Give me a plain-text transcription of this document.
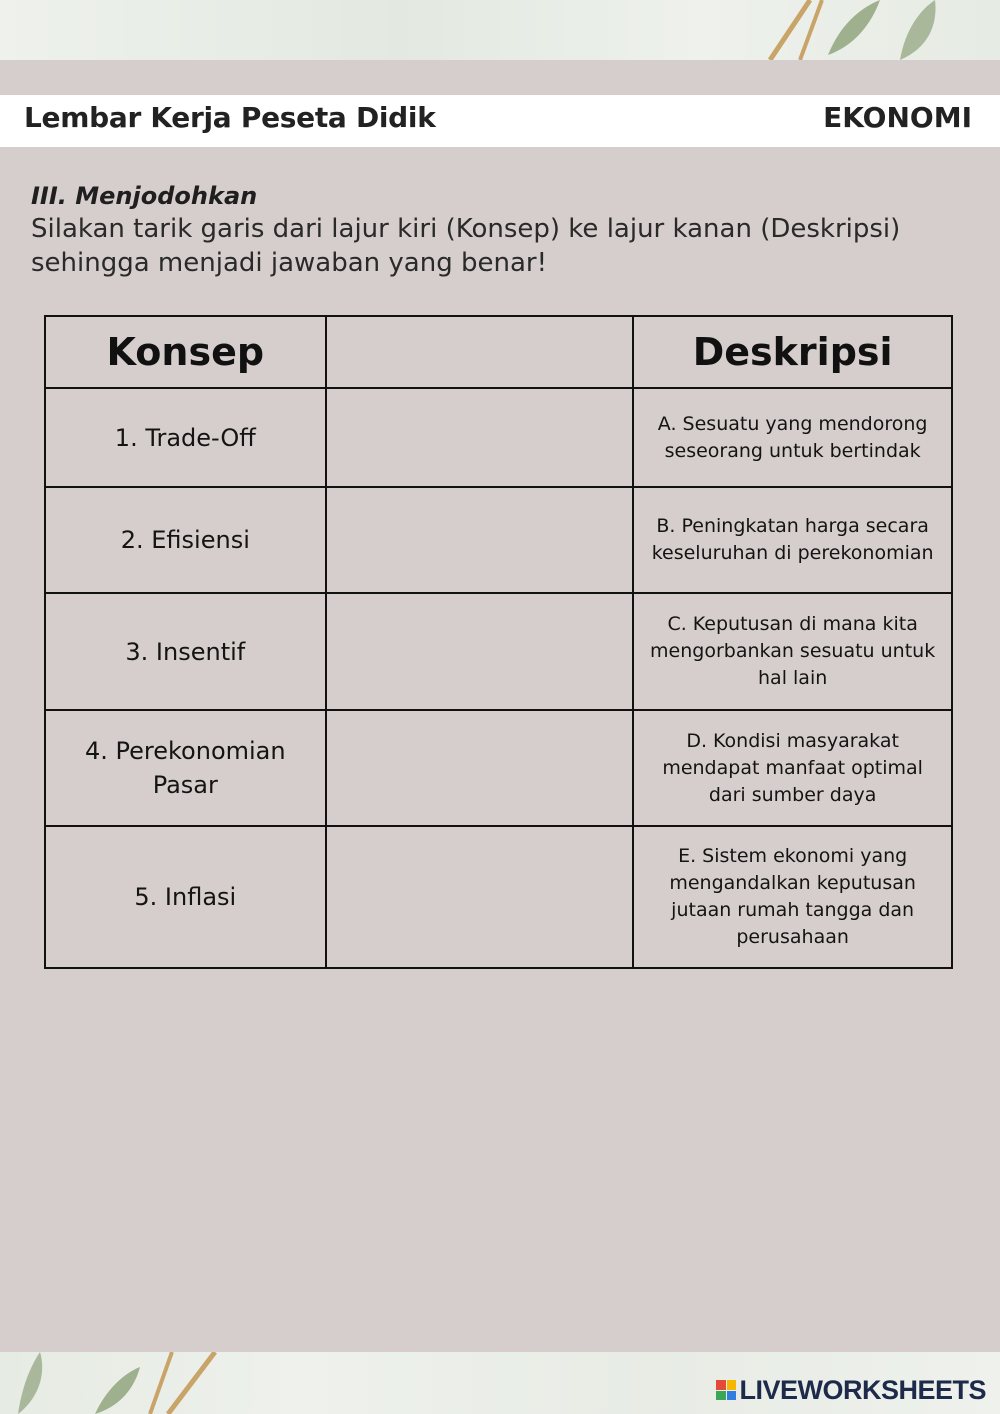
Lembar Kerja Peseta Didik	EKONOMI
III. Menjodohkan
Silakan tarik garis dari lajur kiri (Konsep) ke lajur kanan (Deskripsi) sehingga menjadi jawaban yang benar!
Konsep		Deskripsi
1. Trade-Off		A. Sesuatu yang mendorong seseorang untuk bertindak
2. Efisiensi		B. Peningkatan harga secara keseluruhan di perekonomian
3. Insentif		C. Keputusan di mana kita mengorbankan sesuatu untuk hal lain
4. Perekonomian Pasar		D. Kondisi masyarakat mendapat manfaat optimal dari sumber daya
5. Inflasi		E. Sistem ekonomi yang mengandalkan keputusan jutaan rumah tangga dan perusahaan
LIVEWORKSHEETS
